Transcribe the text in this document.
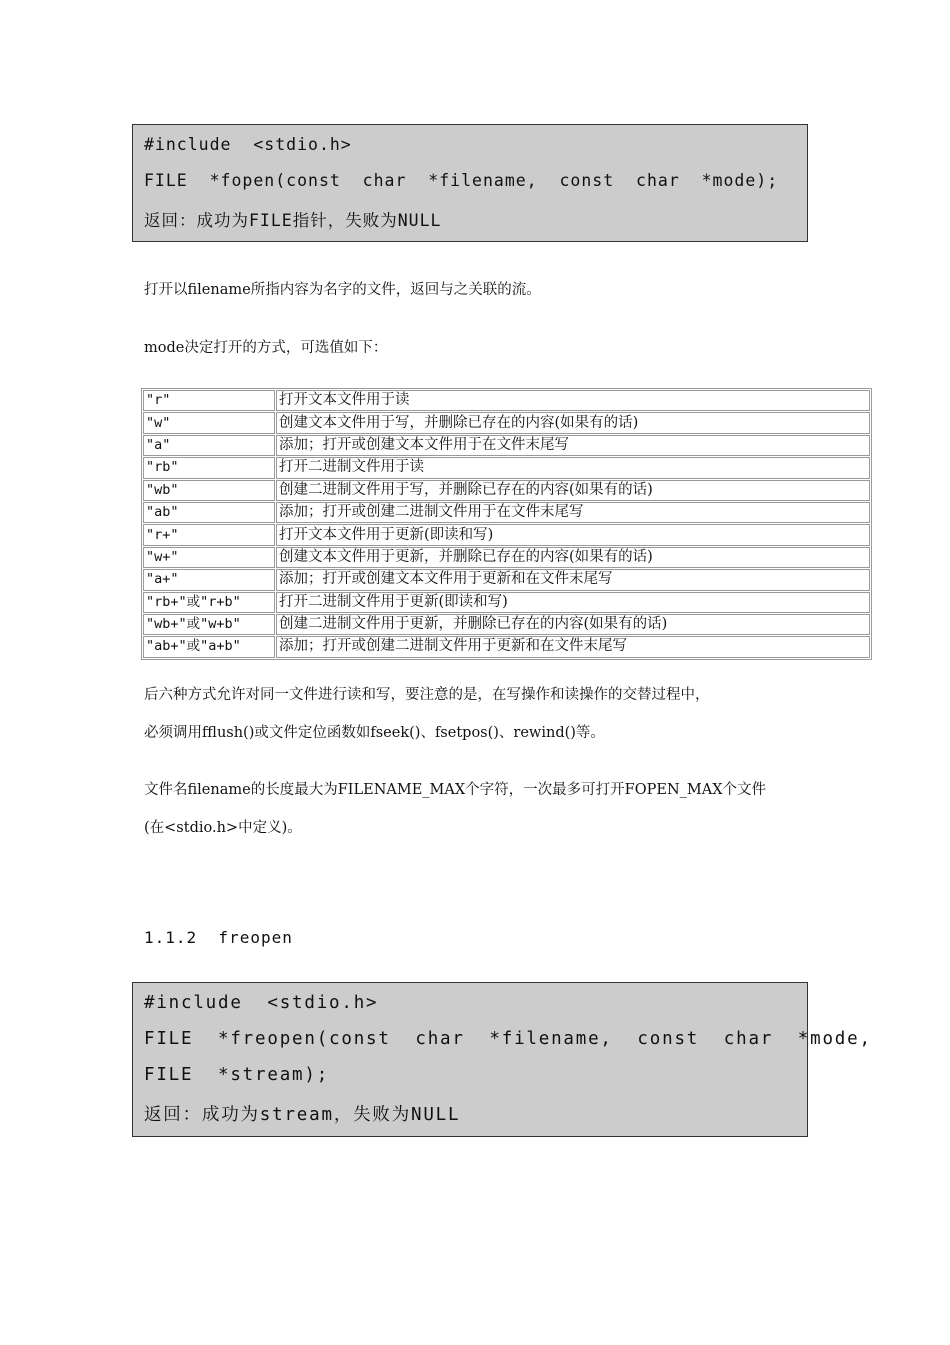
#include  <stdio.h>
FILE  *fopen(const  char  *filename,  const  char  *mode);
返回：成功为FILE指针，失败为NULL
打开以filename所指内容为名字的文件，返回与之关联的流。
mode决定打开的方式，可选值如下：
"r"	打开文本文件用于读
"w"	创建文本文件用于写，并删除已存在的内容(如果有的话)
"a"	添加；打开或创建文本文件用于在文件末尾写
"rb"	打开二进制文件用于读
"wb"	创建二进制文件用于写，并删除已存在的内容(如果有的话)
"ab"	添加；打开或创建二进制文件用于在文件末尾写
"r+"	打开文本文件用于更新(即读和写)
"w+"	创建文本文件用于更新，并删除已存在的内容(如果有的话)
"a+"	添加；打开或创建文本文件用于更新和在文件末尾写
"rb+"或"r+b"	打开二进制文件用于更新(即读和写)
"wb+"或"w+b"	创建二进制文件用于更新，并删除已存在的内容(如果有的话)
"ab+"或"a+b"	添加；打开或创建二进制文件用于更新和在文件末尾写
后六种方式允许对同一文件进行读和写，要注意的是，在写操作和读操作的交替过程中，
必须调用fflush()或文件定位函数如fseek()、fsetpos()、rewind()等。
文件名filename的长度最大为FILENAME_MAX个字符，一次最多可打开FOPEN_MAX个文件
(在<stdio.h>中定义)。
1.1.2  freopen
#include  <stdio.h>
FILE  *freopen(const  char  *filename,  const  char  *mode,
FILE  *stream);
返回：成功为stream，失败为NULL
